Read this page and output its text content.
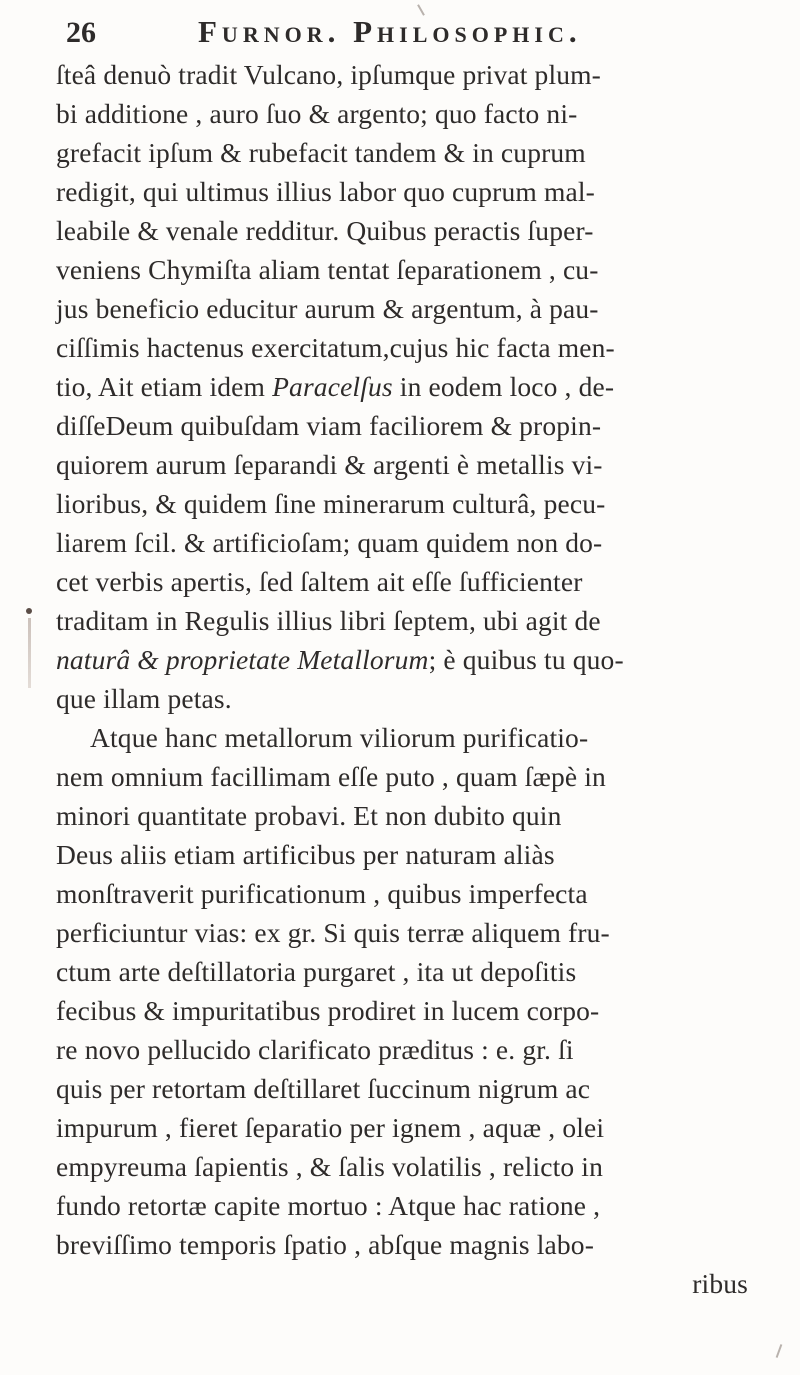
26	Furnor. Philosophic.
ſteâ denuò tradit Vulcano, ipſumque privat plum-
bi additione , auro ſuo & argento; quo facto ni-
grefacit ipſum & rubefacit tandem & in cuprum
redigit, qui ultimus illius labor quo cuprum mal-
leabile & venale redditur. Quibus peractis ſuper-
veniens Chymiſta aliam tentat ſeparationem , cu-
jus beneficio educitur aurum & argentum, à pau-
ciſſimis hactenus exercitatum,cujus hic facta men-
tio, Ait etiam idem Paracelſus in eodem loco , de-
diſſeDeum quibuſdam viam faciliorem & propin-
quiorem aurum ſeparandi & argenti è metallis vi-
lioribus, & quidem ſine minerarum culturâ, pecu-
liarem ſcil. & artificioſam; quam quidem non do-
cet verbis apertis, ſed ſaltem ait eſſe ſufficienter
traditam in Regulis illius libri ſeptem, ubi agit de
naturâ & proprietate Metallorum; è quibus tu quo-
que illam petas.
Atque hanc metallorum viliorum purificatio-
nem omnium facillimam eſſe puto , quam ſæpè in
minori quantitate probavi. Et non dubito quin
Deus aliis etiam artificibus per naturam aliàs
monſtraverit purificationum , quibus imperfecta
perficiuntur vias: ex gr. Si quis terræ aliquem fru-
ctum arte deſtillatoria purgaret , ita ut depoſitis
fecibus & impuritatibus prodiret in lucem corpo-
re novo pellucido clarificato præditus : e. gr. ſi
quis per retortam deſtillaret ſuccinum nigrum ac
impurum , fieret ſeparatio per ignem , aquæ , olei
empyreuma ſapientis , & ſalis volatilis , relicto in
fundo retortæ capite mortuo : Atque hac ratione ,
breviſſimo temporis ſpatio , abſque magnis labo-
ribus
